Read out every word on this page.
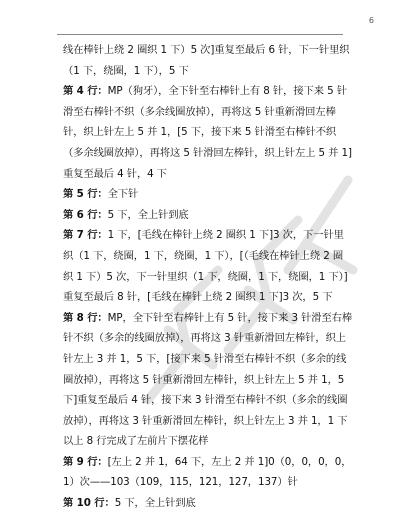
6

线在棒针上绕 2 圈织 1 下）5 次]重复至最后 6 针，下一针里织（1 下，绕圈，1 下），5 下

第 4 行：MP（狗牙），全下针至右棒针上有 8 针，接下来 5 针滑至右棒针不织（多余线圈放掉），再将这 5 针重新滑回左棒针，织上针左上 5 并 1，[5 下，接下来 5 针滑至右棒针不织（多余线圈放掉），再将这 5 针滑回左棒针，织上针左上 5 并 1]重复至最后 4 针，4 下

第 5 行：全下针

第 6 行：5 下，全上针到底

第 7 行：1 下，[毛线在棒针上绕 2 圈织 1 下]3 次，下一针里织（1 下，绕圈，1 下，绕圈，1 下），[（毛线在棒针上绕 2 圈织 1 下）5 次，下一针里织（1 下，绕圈，1 下，绕圈，1 下）]重复至最后 8 针，[毛线在棒针上绕 2 圈织 1 下]3 次，5 下

第 8 行：MP，全下针至右棒针上有 5 针，接下来 3 针滑至右棒针不织（多余的线圈放掉），再将这 3 针重新滑回左棒针，织上针左上 3 并 1，5 下，[接下来 5 针滑至右棒针不织（多余的线圈放掉），再将这 5 针重新滑回左棒针，织上针左上 5 并 1，5 下]重复至最后 4 针，接下来 3 针滑至右棒针不织（多余的线圈放掉），再将这 3 针重新滑回左棒针，织上针左上 3 并 1，1 下

以上 8 行完成了左前片下摆花样

第 9 行：[左上 2 并 1，64 下，左上 2 并 1]0（0，0，0，0，1）次——103（109，115，121，127，137）针

第 10 行：5 下，全上针到底
